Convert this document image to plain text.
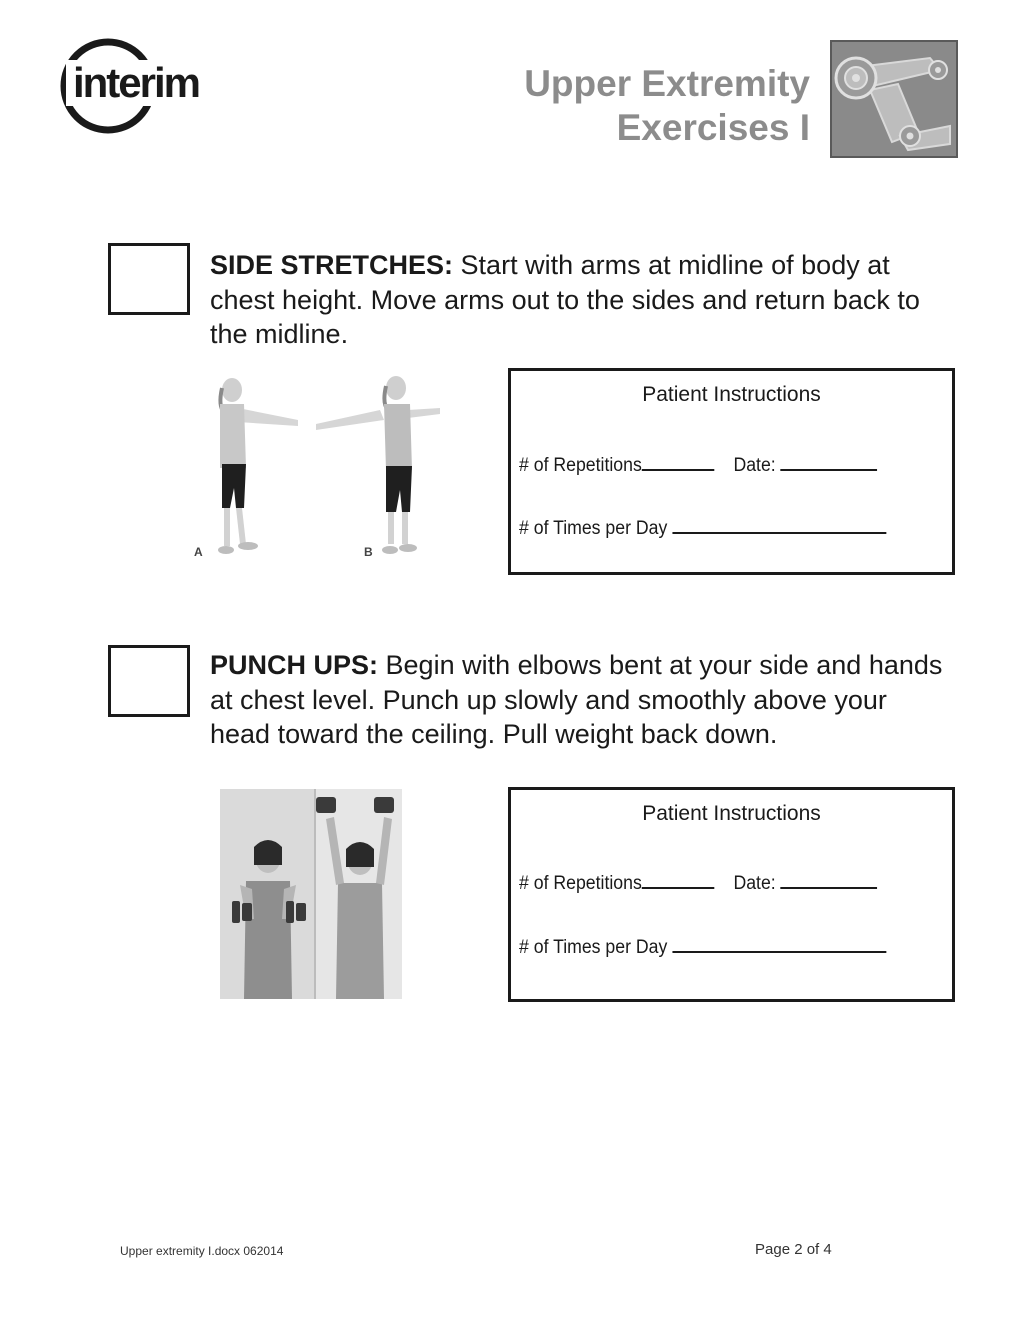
interim	Upper Extremity
Exercises I
SIDE STRETCHES: Start with arms at midline of body at chest height. Move arms out to the sides and return back to the midline.
A	B
Patient Instructions
# of Repetitions	Date:
# of Times per Day
PUNCH UPS: Begin with elbows bent at your side and hands at chest level. Punch up slowly and smoothly above your head toward the ceiling. Pull weight back down.
Patient Instructions
# of Repetitions	Date:
# of Times per Day
Upper extremity I.docx 062014	Page 2 of 4
